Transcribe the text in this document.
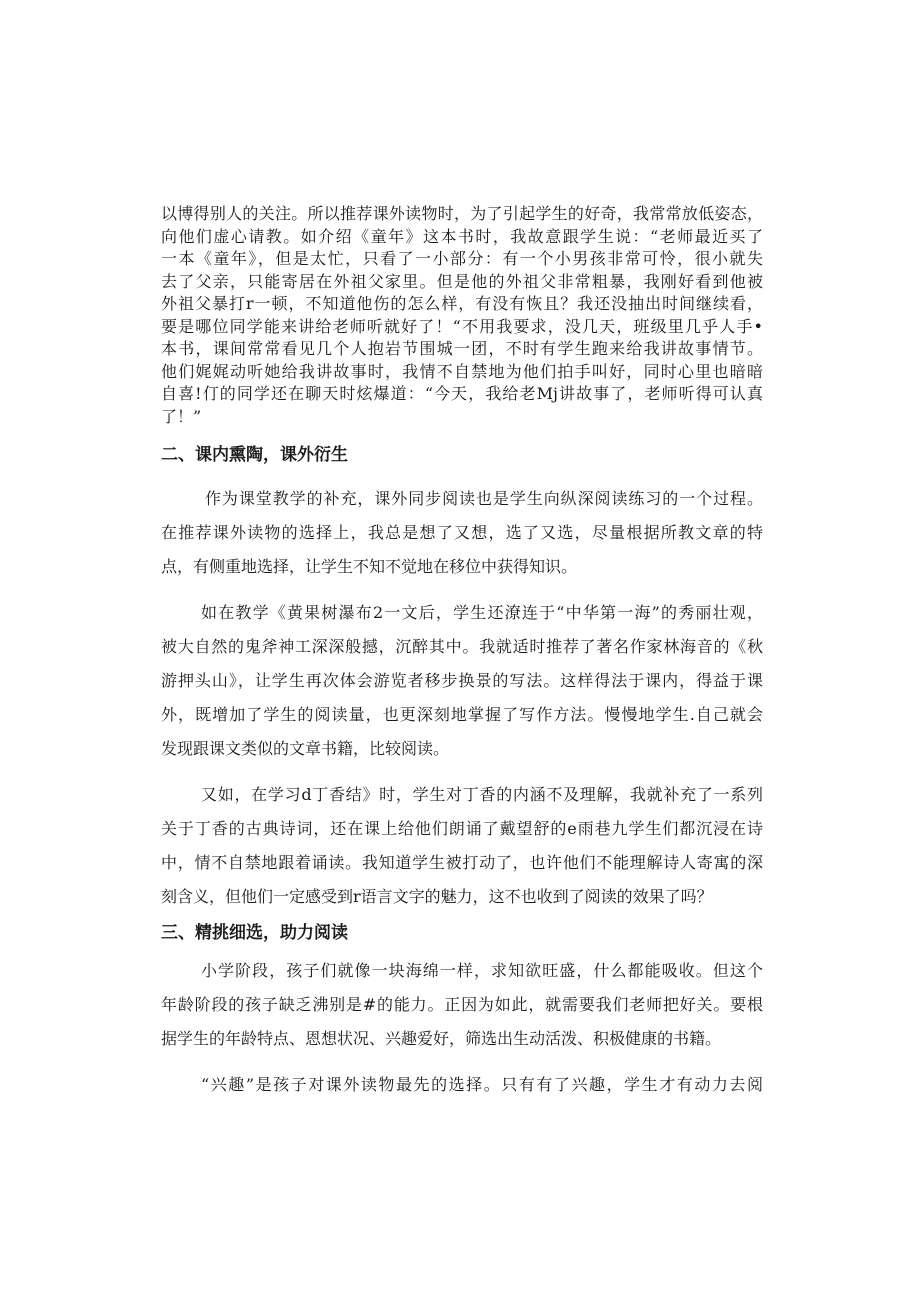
以博得别人的关注。所以推荐课外读物时，为了引起学生的好奇，我常常放低姿态，
向他们虚心请教。如介绍《童年》这本书时，我故意跟学生说：“老师最近买了
一本《童年》，但是太忙，只看了一小部分：有一个小男孩非常可怜，很小就失
去了父亲，只能寄居在外祖父家里。但是他的外祖父非常粗暴，我刚好看到他被
外祖父暴打r一顿，不知道他伤的怎么样，有没有恢且？我还没抽出时间继续看，
要是哪位同学能来讲给老师听就好了！“不用我要求，没几天，班级里几乎人手•
本书，课间常常看见几个人抱岩节围城一团，不时有学生跑来给我讲故事情节。
他们娓娓动听她给我讲故事时，我情不自禁地为他们拍手叫好，同时心里也暗暗
自喜!仃的同学还在聊天时炫爆道：“今天，我给老Mj讲故事了，老师听得可认真
了！”
二、课内熏陶，课外衍生
作为课堂教学的补充，课外同步阅读也是学生向纵深阅读练习的一个过程。
在推荐课外读物的选择上，我总是想了又想，选了又选，尽量根据所教文章的特
点，有侧重地选择，让学生不知不觉地在移位中获得知识。
如在教学《黄果树瀑布2一文后，学生还潦连于“中华第一海”的秀丽壮观，
被大自然的鬼斧神工深深般撼，沉醉其中。我就适时推荐了著名作家林海音的《秋
游押头山》，让学生再次体会游览者移步换景的写法。这样得法于课内，得益于课
外，既增加了学生的阅读量，也更深刻地掌握了写作方法。慢慢地学生.自己就会
发现跟课文类似的文章书籍，比较阅读。
又如，在学习d丁香结》时，学生对丁香的内涵不及理解，我就补充了一系列
关于丁香的古典诗词，还在课上给他们朗诵了戴望舒的e雨巷九学生们都沉浸在诗
中，情不自禁地跟着诵读。我知道学生被打动了，也许他们不能理解诗人寄寓的深
刻含义，但他们一定感受到r语言文字的魅力，这不也收到了阅读的效果了吗？
三、精挑细选，助力阅读
小学阶段，孩子们就像一块海绵一样，求知欲旺盛，什么都能吸收。但这个
年龄阶段的孩子缺乏沸别是#的能力。正因为如此，就需要我们老师把好关。要根
据学生的年龄特点、恩想状况、兴趣爱好，筛选出生动活泼、积极健康的书籍。
“兴趣”是孩子对课外读物最先的选择。只有有了兴趣，学生才有动力去阅
